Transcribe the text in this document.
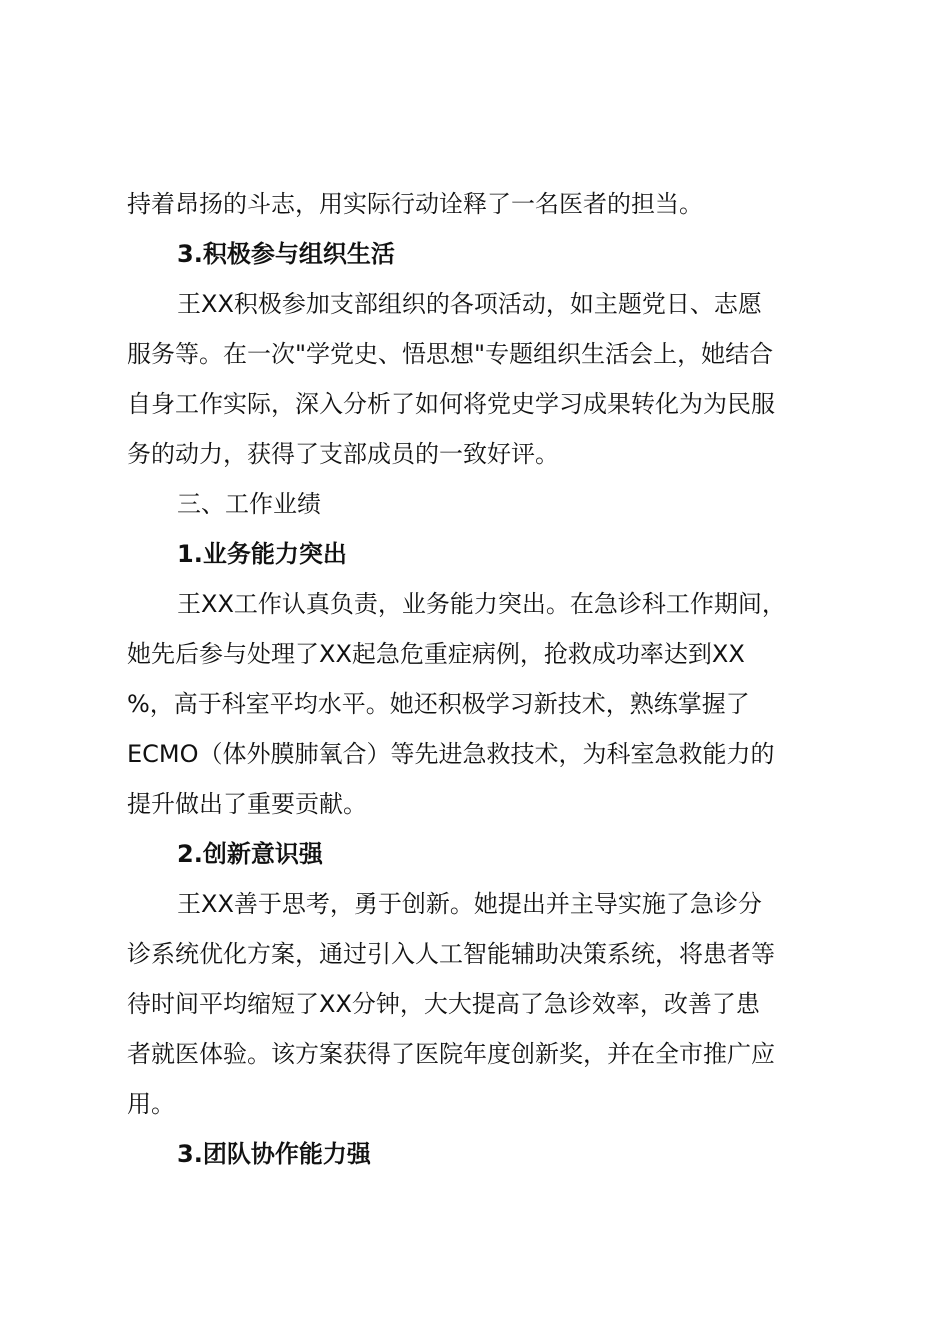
持着昂扬的斗志，用实际行动诠释了一名医者的担当。
3.积极参与组织生活
王XX积极参加支部组织的各项活动，如主题党日、志愿
服务等。在一次"学党史、悟思想"专题组织生活会上，她结合
自身工作实际，深入分析了如何将党史学习成果转化为为民服
务的动力，获得了支部成员的一致好评。
三、工作业绩
1.业务能力突出
王XX工作认真负责，业务能力突出。在急诊科工作期间，
她先后参与处理了XX起急危重症病例，抢救成功率达到XX
%，高于科室平均水平。她还积极学习新技术，熟练掌握了
ECMO（体外膜肺氧合）等先进急救技术，为科室急救能力的
提升做出了重要贡献。
2.创新意识强
王XX善于思考，勇于创新。她提出并主导实施了急诊分
诊系统优化方案，通过引入人工智能辅助决策系统，将患者等
待时间平均缩短了XX分钟，大大提高了急诊效率，改善了患
者就医体验。该方案获得了医院年度创新奖，并在全市推广应
用。
3.团队协作能力强
